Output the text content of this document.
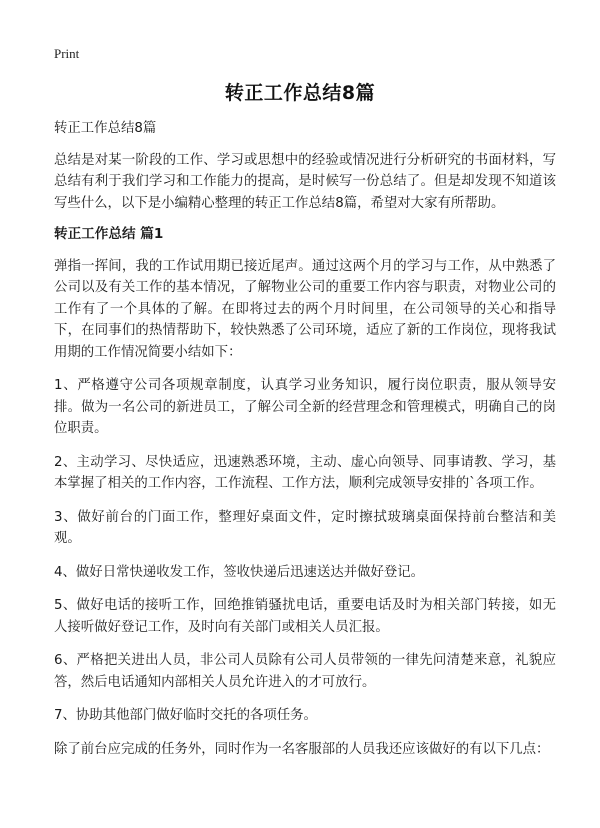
Print
转正工作总结8篇

转正工作总结8篇

总结是对某一阶段的工作、学习或思想中的经验或情况进行分析研究的书面材料，写总结有利于我们学习和工作能力的提高，是时候写一份总结了。但是却发现不知道该写些什么，以下是小编精心整理的转正工作总结8篇，希望对大家有所帮助。

转正工作总结 篇1

弹指一挥间，我的工作试用期已接近尾声。通过这两个月的学习与工作，从中熟悉了公司以及有关工作的基本情况，了解物业公司的重要工作内容与职责，对物业公司的工作有了一个具体的了解。在即将过去的两个月时间里，在公司领导的关心和指导下，在同事们的热情帮助下，较快熟悉了公司环境，适应了新的工作岗位，现将我试用期的工作情况简要小结如下：

1、严格遵守公司各项规章制度，认真学习业务知识，履行岗位职责，服从领导安排。做为一名公司的新进员工，了解公司全新的经营理念和管理模式，明确自己的岗位职责。

2、主动学习、尽快适应，迅速熟悉环境，主动、虚心向领导、同事请教、学习，基本掌握了相关的工作内容，工作流程、工作方法，顺利完成领导安排的`各项工作。

3、做好前台的门面工作，整理好桌面文件，定时擦拭玻璃桌面保持前台整洁和美观。

4、做好日常快递收发工作，签收快递后迅速送达并做好登记。

5、做好电话的接听工作，回绝推销骚扰电话，重要电话及时为相关部门转接，如无人接听做好登记工作，及时向有关部门或相关人员汇报。

6、严格把关进出人员，非公司人员除有公司人员带领的一律先问清楚来意，礼貌应答，然后电话通知内部相关人员允许进入的才可放行。

7、协助其他部门做好临时交托的各项任务。

除了前台应完成的任务外，同时作为一名客服部的人员我还应该做好的有以下几点：
